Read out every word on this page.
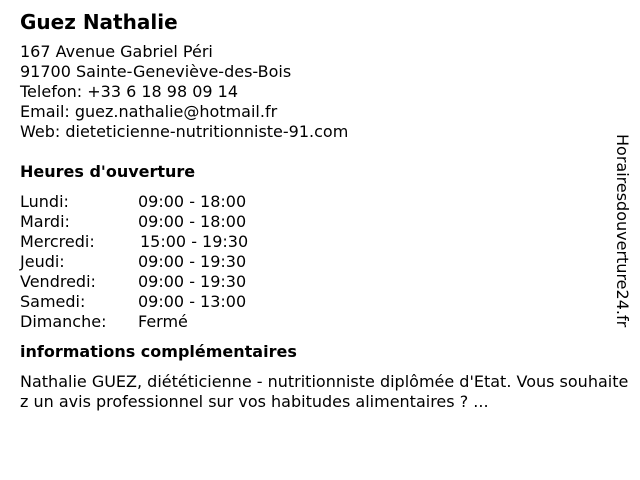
Guez Nathalie
167 Avenue Gabriel Péri
91700 Sainte-Geneviève-des-Bois
Telefon: +33 6 18 98 09 14
Email: guez.nathalie@hotmail.fr
Web: dieteticienne-nutritionniste-91.com
Heures d'ouverture
Lundi:	09:00 - 18:00
Mardi:	09:00 - 18:00
Mercredi:	15:00 - 19:30
Jeudi:	09:00 - 19:30
Vendredi:	09:00 - 19:30
Samedi:	09:00 - 13:00
Dimanche: Fermé
informations complémentaires
Nathalie GUEZ, diététicienne - nutritionniste diplômée d'Etat. Vous souhaitez un avis professionnel sur vos habitudes alimentaires ? ...
Horairesdouverture24.fr
